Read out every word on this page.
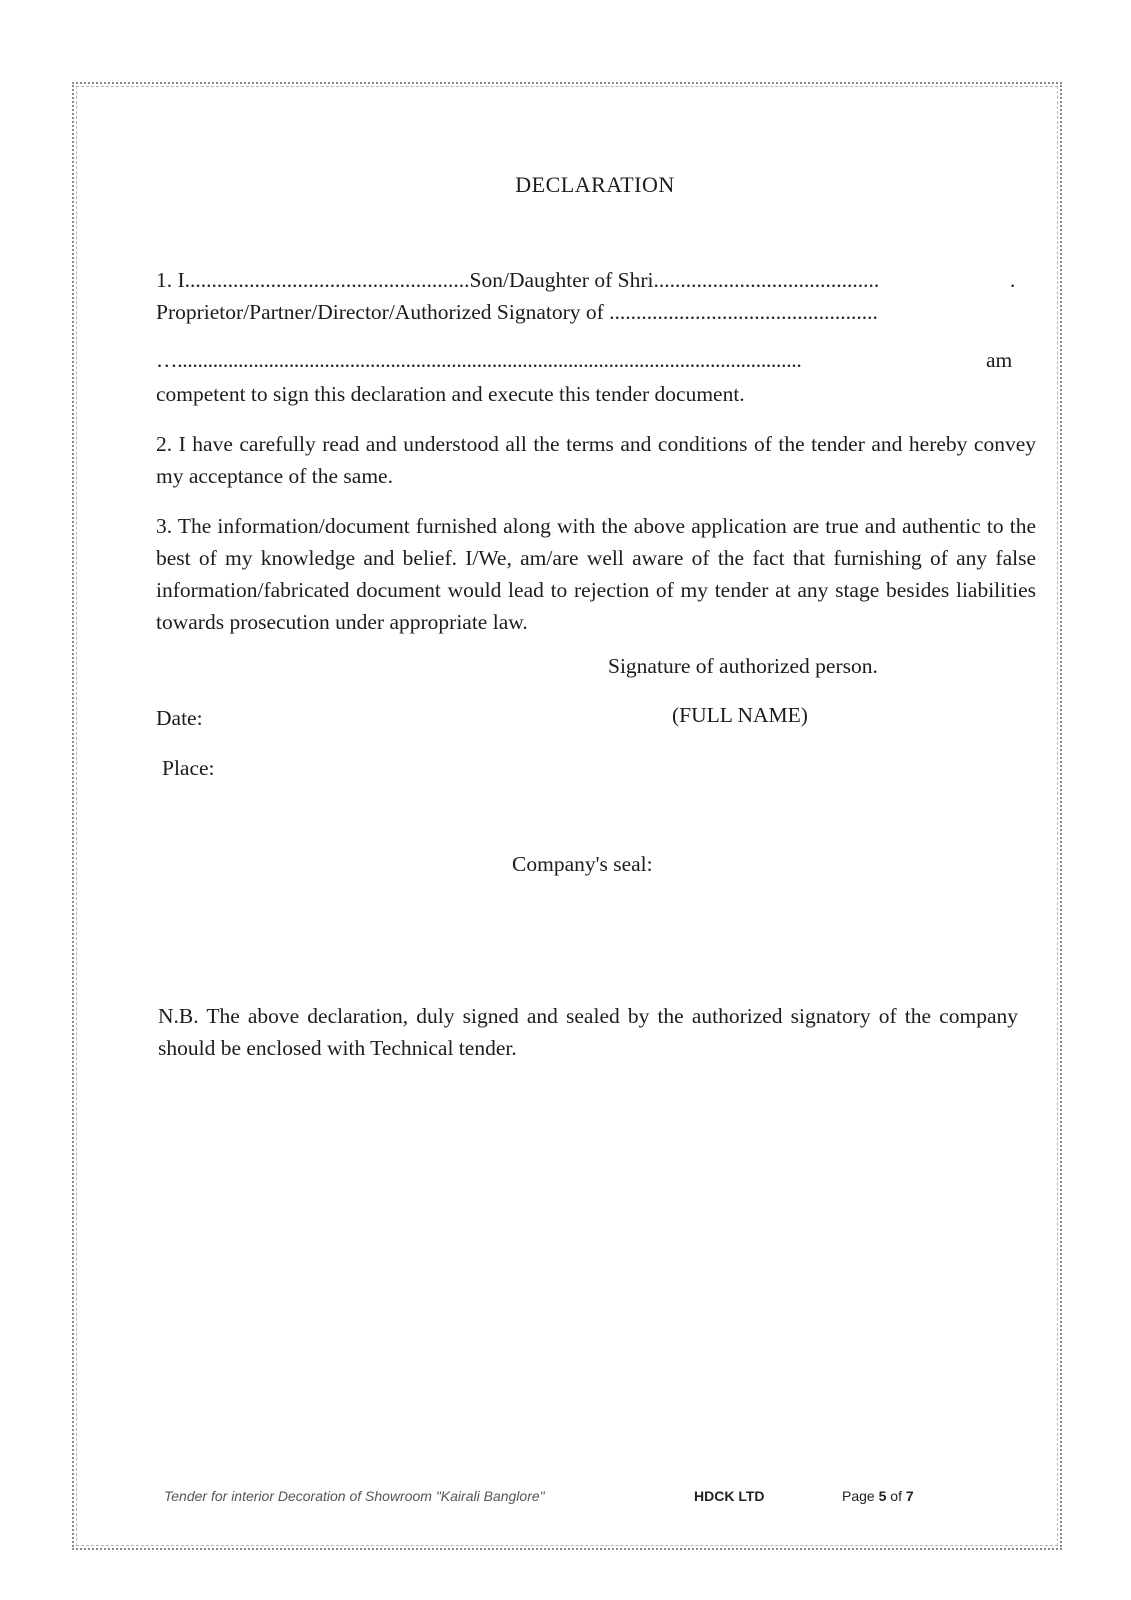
DECLARATION
1. I.....................................................Son/Daughter of Shri..........................................	.
Proprietor/Partner/Director/Authorized Signatory of ..................................................
…...........................................................................................................................	am
competent to sign this declaration and execute this tender document.
2. I have carefully read and understood all the terms and conditions of the tender and hereby convey my acceptance of the same.
3. The information/document furnished along with the above application are true and authentic to the best of my knowledge and belief. I/We, am/are well aware of the fact that furnishing of any false information/fabricated document would lead to rejection of my tender at any stage besides liabilities towards prosecution under appropriate law.
Signature of authorized person.
Date:	(FULL NAME)
Place:
Company's seal:
N.B. The above declaration, duly signed and sealed by the authorized signatory of the company should be enclosed with Technical tender.
Tender for interior Decoration of Showroom "Kairali Banglore"	HDCK LTD	Page 5 of 7
